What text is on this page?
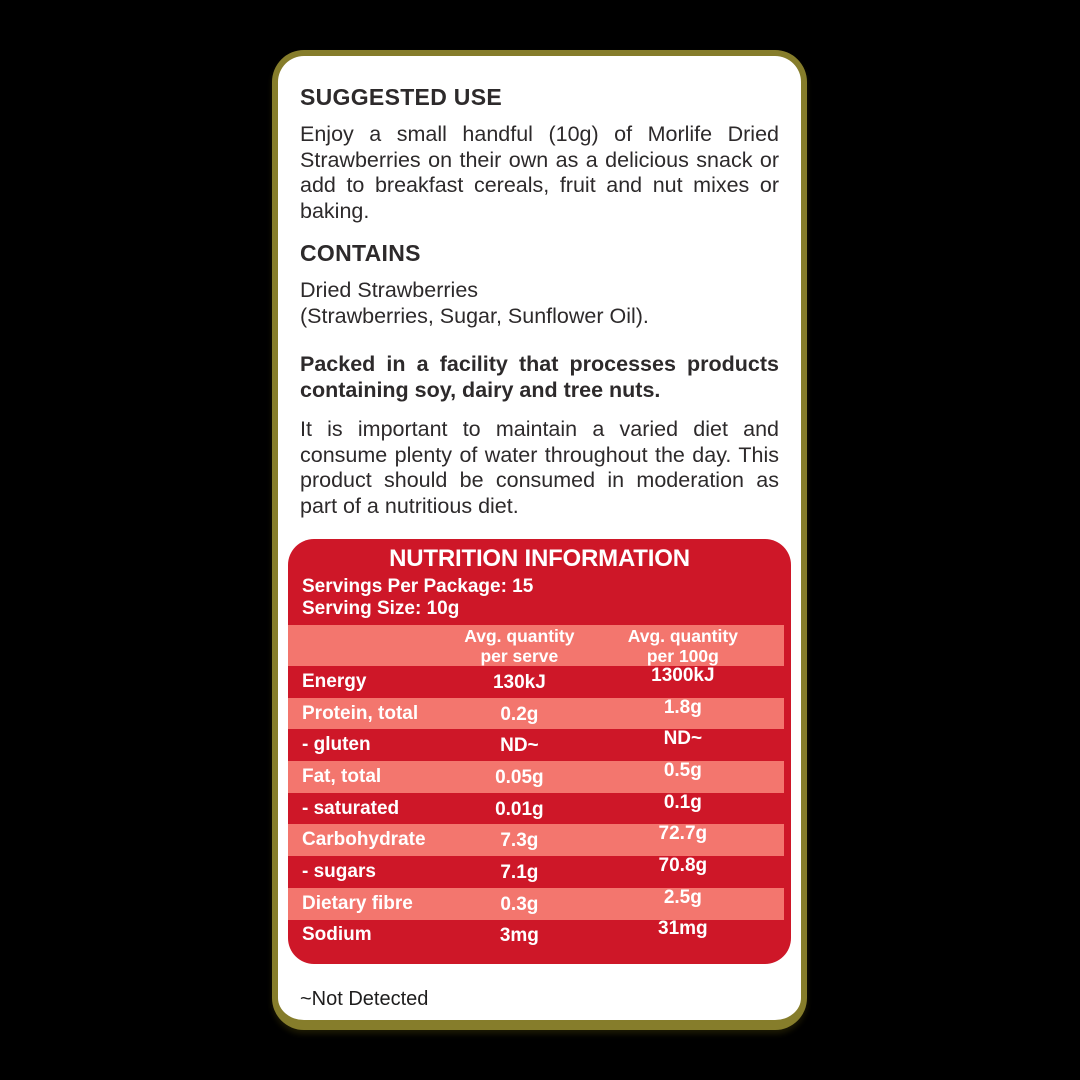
SUGGESTED USE

Enjoy a small handful (10g) of Morlife Dried Strawberries on their own as a delicious snack or add to breakfast cereals, fruit and nut mixes or baking.

CONTAINS

Dried Strawberries
(Strawberries, Sugar, Sunflower Oil).

Packed in a facility that processes products containing soy, dairy and tree nuts.

It is important to maintain a varied diet and consume plenty of water throughout the day. This product should be consumed in moderation as part of a nutritious diet.

NUTRITION INFORMATION
Servings Per Package: 15
Serving Size: 10g
Avg. quantity
per serve
Avg. quantity
per 100g
Energy	130kJ	1300kJ
Protein, total	0.2g	1.8g
- gluten	ND~	ND~
Fat, total	0.05g	0.5g
- saturated	0.01g	0.1g
Carbohydrate	7.3g	72.7g
- sugars	7.1g	70.8g
Dietary fibre	0.3g	2.5g
Sodium	3mg	31mg
~Not Detected
